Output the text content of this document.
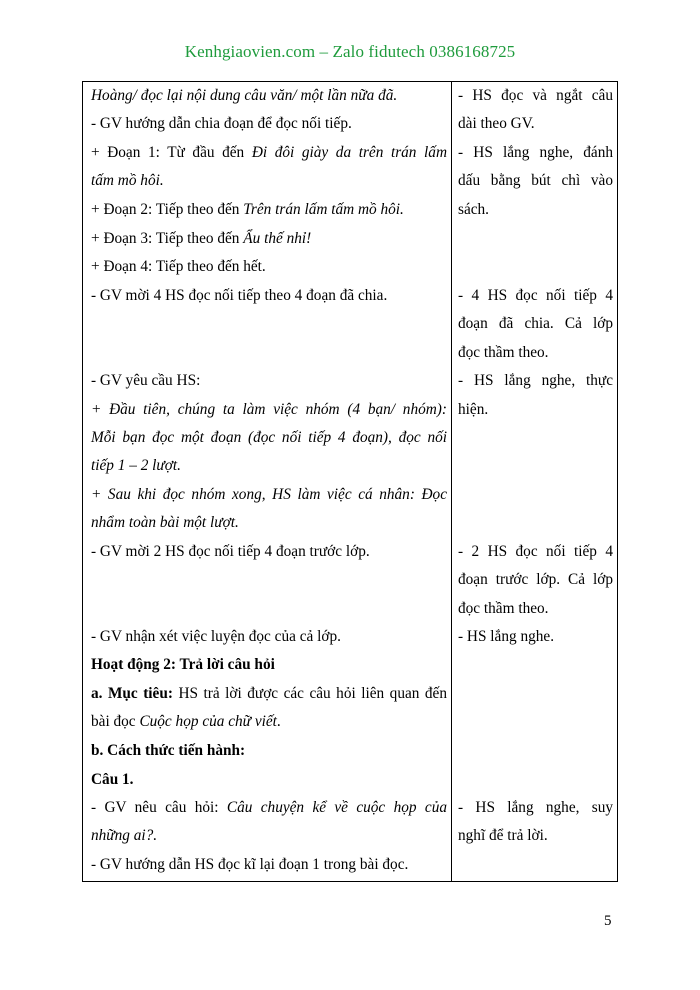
Kenhgiaovien.com – Zalo fidutech 0386168725
Hoàng/ đọc lại nội dung câu văn/ một lần nữa đã.
- GV hướng dẫn chia đoạn để đọc nối tiếp.
+ Đoạn 1: Từ đầu đến Đi đôi giày da trên trán lấm
tấm mồ hôi.
+ Đoạn 2: Tiếp theo đến Trên trán lấm tấm mồ hôi.
+ Đoạn 3: Tiếp theo đến Ẩu thế nhỉ!
+ Đoạn 4: Tiếp theo đến hết.
- GV mời 4 HS đọc nối tiếp theo 4 đoạn đã chia.
- GV yêu cầu HS:
+ Đầu tiên, chúng ta làm việc nhóm (4 bạn/ nhóm):
Mỗi bạn đọc một đoạn (đọc nối tiếp 4 đoạn), đọc nối
tiếp 1 – 2 lượt.
+ Sau khi đọc nhóm xong, HS làm việc cá nhân: Đọc
nhẩm toàn bài một lượt.
- GV mời 2 HS đọc nối tiếp 4 đoạn trước lớp.
- GV nhận xét việc luyện đọc của cả lớp.
Hoạt động 2: Trả lời câu hỏi
a. Mục tiêu: HS trả lời được các câu hỏi liên quan đến
bài đọc Cuộc họp của chữ viết.
b. Cách thức tiến hành:
Câu 1.
- GV nêu câu hỏi: Câu chuyện kể về cuộc họp của
những ai?.
- GV hướng dẫn HS đọc kĩ lại đoạn 1 trong bài đọc.
- HS đọc và ngắt câu
dài theo GV.
- HS lắng nghe, đánh
dấu bằng bút chì vào
sách.
- 4 HS đọc nối tiếp 4
đoạn đã chia. Cả lớp
đọc thầm theo.
- HS lắng nghe, thực
hiện.
- 2 HS đọc nối tiếp 4
đoạn trước lớp. Cả lớp
đọc thầm theo.
- HS lắng nghe.
- HS lắng nghe, suy
nghĩ để trả lời.
5
